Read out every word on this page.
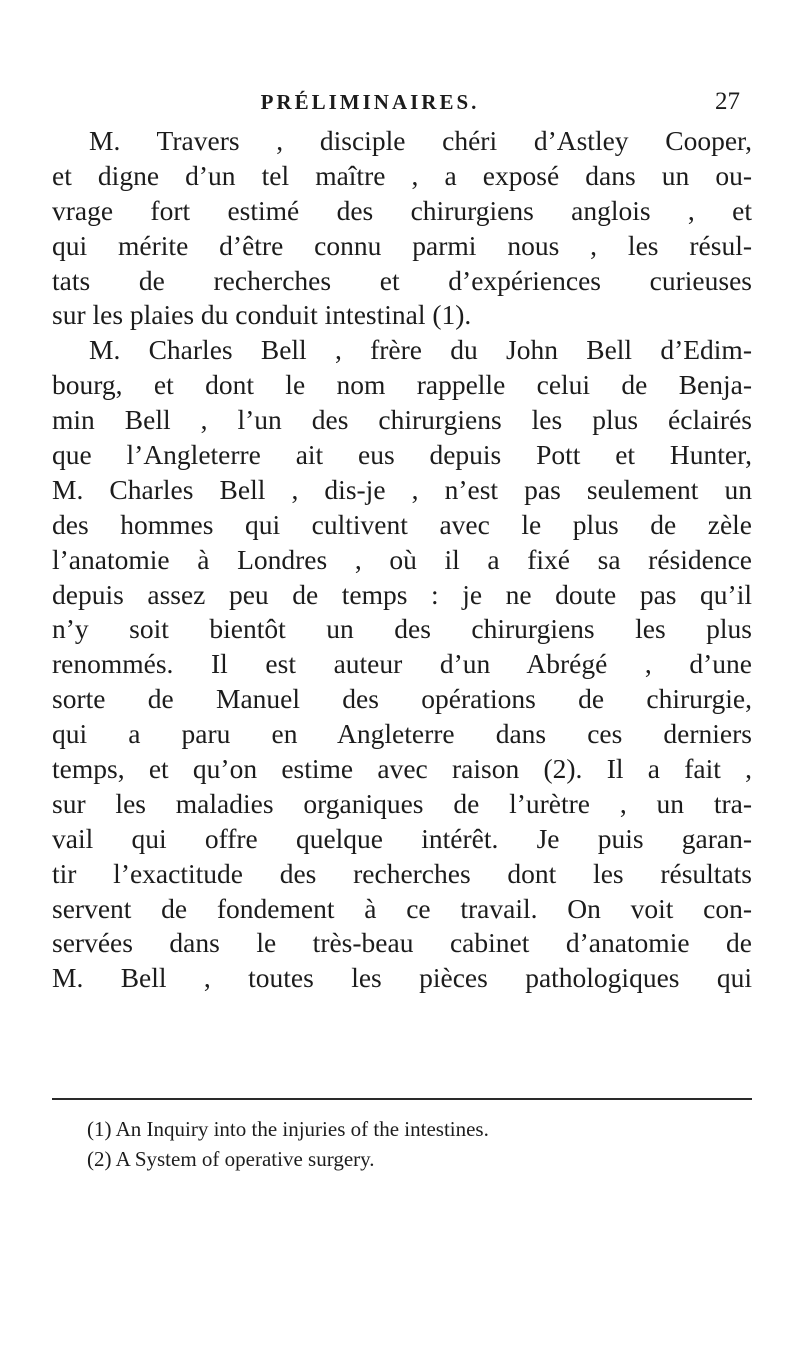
PRÉLIMINAIRES.	27
M. Travers , disciple chéri d’Astley Cooper,
et digne d’un tel maître , a exposé dans un ou-
vrage fort estimé des chirurgiens anglois , et
qui mérite d’être connu parmi nous , les résul-
tats de recherches et d’expériences curieuses
sur les plaies du conduit intestinal (1).
M. Charles Bell , frère du John Bell d’Edim-
bourg, et dont le nom rappelle celui de Benja-
min Bell , l’un des chirurgiens les plus éclairés
que l’Angleterre ait eus depuis Pott et Hunter,
M. Charles Bell , dis-je , n’est pas seulement un
des hommes qui cultivent avec le plus de zèle
l’anatomie à Londres , où il a fixé sa résidence
depuis assez peu de temps : je ne doute pas qu’il
n’y soit bientôt un des chirurgiens les plus
renommés. Il est auteur d’un Abrégé , d’une
sorte de Manuel des opérations de chirurgie,
qui a paru en Angleterre dans ces derniers
temps, et qu’on estime avec raison (2). Il a fait ,
sur les maladies organiques de l’urètre , un tra-
vail qui offre quelque intérêt. Je puis garan-
tir l’exactitude des recherches dont les résultats
servent de fondement à ce travail. On voit con-
servées dans le très-beau cabinet d’anatomie de
M. Bell , toutes les pièces pathologiques qui
(1) An Inquiry into the injuries of the intestines.
(2) A System of operative surgery.
